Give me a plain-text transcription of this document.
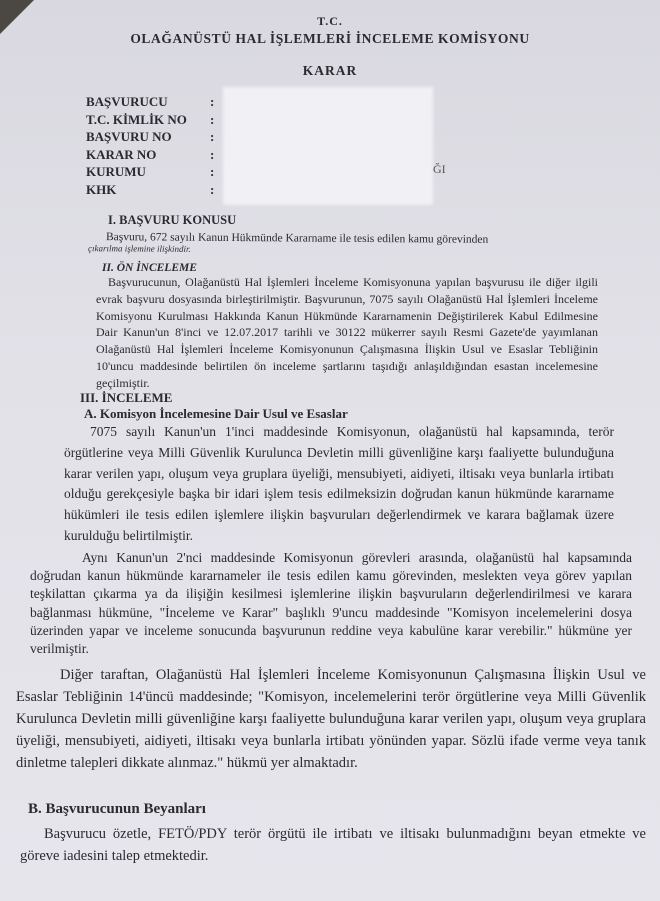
T.C.
OLAĞANÜSTÜ HAL İŞLEMLERİ İNCELEME KOMİSYONU
KARAR
BAŞVURUCU	:
T.C. KİMLİK NO	:
BAŞVURU NO	:
KARAR NO	:
KURUMU	:
KHK	:
ĞI
I. BAŞVURU KONUSU

Başvuru, 672 sayılı Kanun Hükmünde Kararname ile tesis edilen kamu görevinden

çıkarılma işlemine ilişkindir.
II. ÖN İNCELEME

Başvurucunun, Olağanüstü Hal İşlemleri İnceleme Komisyonuna yapılan başvurusu ile diğer ilgili evrak başvuru dosyasında birleştirilmiştir. Başvurunun, 7075 sayılı Olağanüstü Hal İşlemleri İnceleme Komisyonu Kurulması Hakkında Kanun Hükmünde Kararnamenin Değiştirilerek Kabul Edilmesine Dair Kanun'un 8'inci ve 12.07.2017 tarihli ve 30122 mükerrer sayılı Resmi Gazete'de yayımlanan Olağanüstü Hal İşlemleri İnceleme Komisyonunun Çalışmasına İlişkin Usul ve Esaslar Tebliğinin 10'uncu maddesinde belirtilen ön inceleme şartlarını taşıdığı anlaşıldığından esastan incelemesine geçilmiştir.

III. İNCELEME
A. Komisyon İncelemesine Dair Usul ve Esaslar

7075 sayılı Kanun'un 1'inci maddesinde Komisyonun, olağanüstü hal kapsamında, terör örgütlerine veya Milli Güvenlik Kurulunca Devletin milli güvenliğine karşı faaliyette bulunduğuna karar verilen yapı, oluşum veya gruplara üyeliği, mensubiyeti, aidiyeti, iltisakı veya bunlarla irtibatı olduğu gerekçesiyle başka bir idari işlem tesis edilmeksizin doğrudan kanun hükmünde kararname hükümleri ile tesis edilen işlemlere ilişkin başvuruları değerlendirmek ve karara bağlamak üzere kurulduğu belirtilmiştir.

Aynı Kanun'un 2'nci maddesinde Komisyonun görevleri arasında, olağanüstü hal kapsamında doğrudan kanun hükmünde kararnameler ile tesis edilen kamu görevinden, meslekten veya görev yapılan teşkilattan çıkarma ya da ilişiğin kesilmesi işlemlerine ilişkin başvuruların değerlendirilmesi ve karara bağlanması hükmüne, "İnceleme ve Karar" başlıklı 9'uncu maddesinde "Komisyon incelemelerini dosya üzerinden yapar ve inceleme sonucunda başvurunun reddine veya kabulüne karar verebilir." hükmüne yer verilmiştir.

Diğer taraftan, Olağanüstü Hal İşlemleri İnceleme Komisyonunun Çalışmasına İlişkin Usul ve Esaslar Tebliğinin 14'üncü maddesinde; "Komisyon, incelemelerini terör örgütlerine veya Milli Güvenlik Kurulunca Devletin milli güvenliğine karşı faaliyette bulunduğuna karar verilen yapı, oluşum veya gruplara üyeliği, mensubiyeti, aidiyeti, iltisakı veya bunlarla irtibatı yönünden yapar. Sözlü ifade verme veya tanık dinletme talepleri dikkate alınmaz." hükmü yer almaktadır.

B. Başvurucunun Beyanları

Başvurucu özetle, FETÖ/PDY terör örgütü ile irtibatı ve iltisakı bulunmadığını beyan etmekte ve göreve iadesini talep etmektedir.
